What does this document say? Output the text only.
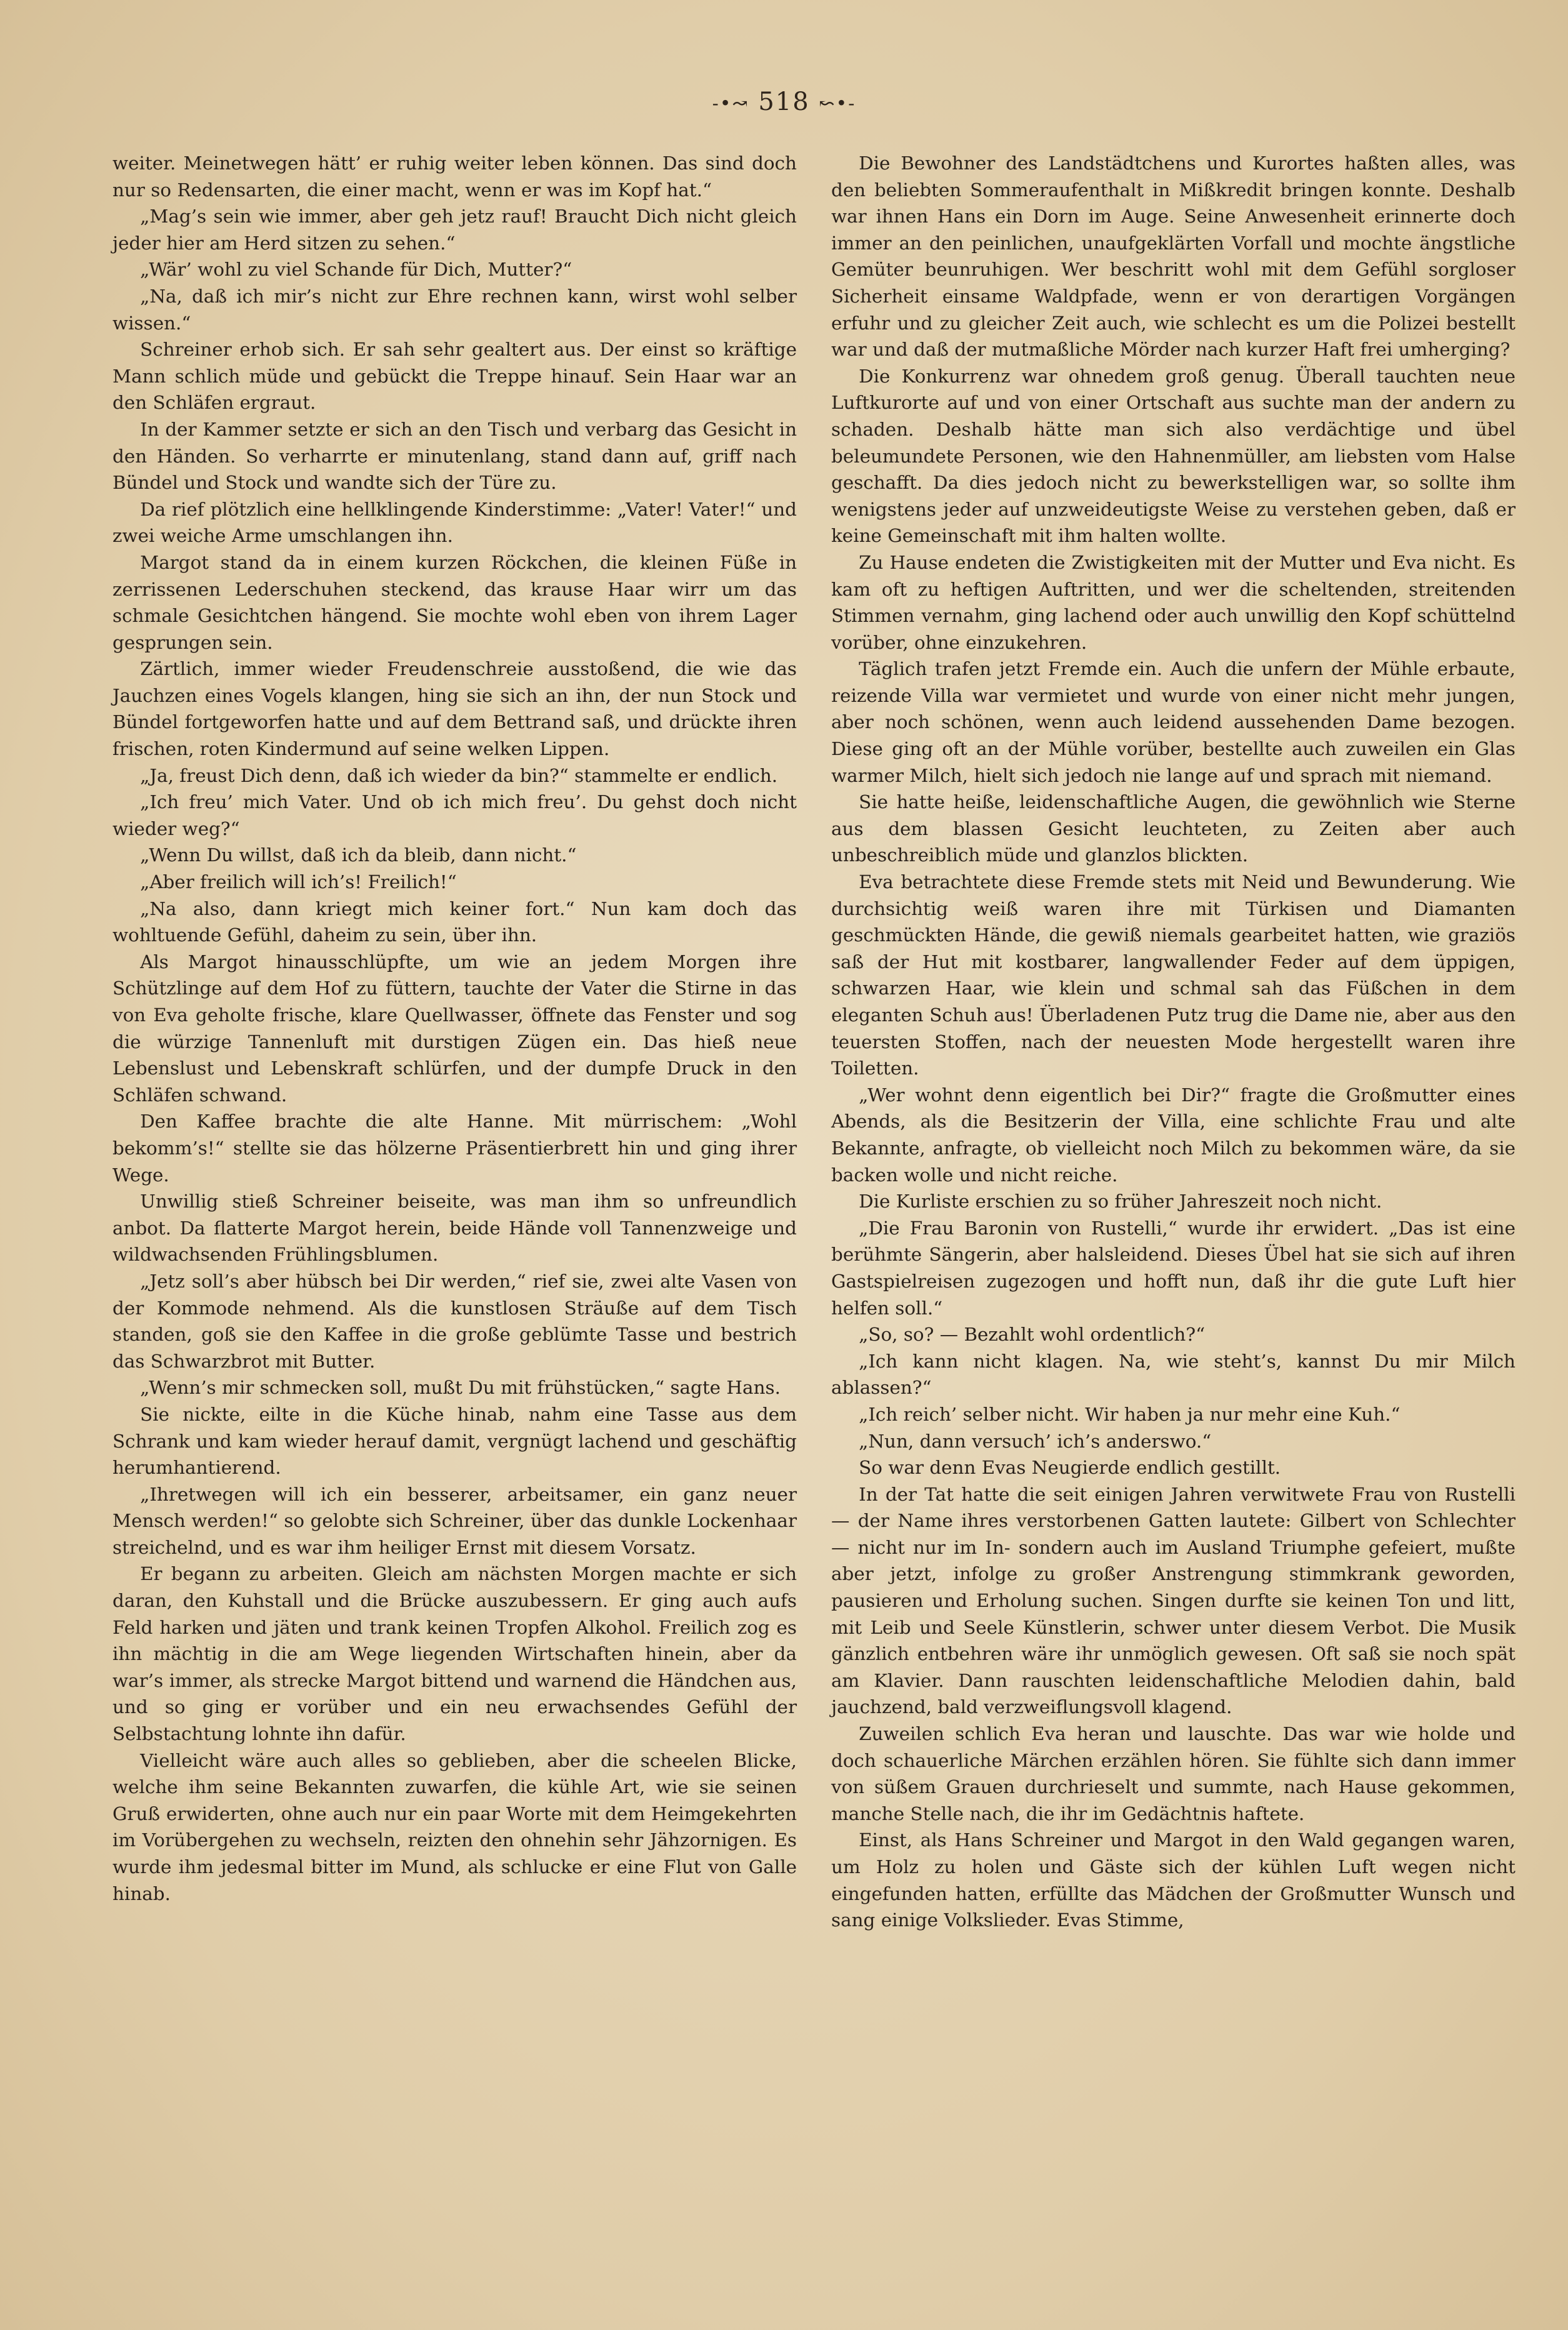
-•↝ 518 ↜•-

weiter. Meinetwegen hätt’ er ruhig weiter leben können. Das sind doch nur so Redensarten, die einer macht, wenn er was im Kopf hat.“

„Mag’s sein wie immer, aber geh jetz rauf! Braucht Dich nicht gleich jeder hier am Herd sitzen zu sehen.“

„Wär’ wohl zu viel Schande für Dich, Mutter?“

„Na, daß ich mir’s nicht zur Ehre rechnen kann, wirst wohl selber wissen.“

Schreiner erhob sich. Er sah sehr gealtert aus. Der einst so kräftige Mann schlich müde und gebückt die Treppe hinauf. Sein Haar war an den Schläfen ergraut.

In der Kammer setzte er sich an den Tisch und verbarg das Gesicht in den Händen. So verharrte er minutenlang, stand dann auf, griff nach Bündel und Stock und wandte sich der Türe zu.

Da rief plötzlich eine hellklingende Kinderstimme: „Vater! Vater!“ und zwei weiche Arme umschlangen ihn.

Margot stand da in einem kurzen Röckchen, die kleinen Füße in zerrissenen Lederschuhen steckend, das krause Haar wirr um das schmale Gesichtchen hängend. Sie mochte wohl eben von ihrem Lager gesprungen sein.

Zärtlich, immer wieder Freudenschreie ausstoßend, die wie das Jauchzen eines Vogels klangen, hing sie sich an ihn, der nun Stock und Bündel fortgeworfen hatte und auf dem Bettrand saß, und drückte ihren frischen, roten Kindermund auf seine welken Lippen.

„Ja, freust Dich denn, daß ich wieder da bin?“ stammelte er endlich.

„Ich freu’ mich Vater. Und ob ich mich freu’. Du gehst doch nicht wieder weg?“

„Wenn Du willst, daß ich da bleib, dann nicht.“

„Aber freilich will ich’s! Freilich!“

„Na also, dann kriegt mich keiner fort.“ Nun kam doch das wohltuende Gefühl, daheim zu sein, über ihn.

Als Margot hinausschlüpfte, um wie an jedem Morgen ihre Schützlinge auf dem Hof zu füttern, tauchte der Vater die Stirne in das von Eva geholte frische, klare Quellwasser, öffnete das Fenster und sog die würzige Tannenluft mit durstigen Zügen ein. Das hieß neue Lebenslust und Lebenskraft schlürfen, und der dumpfe Druck in den Schläfen schwand.

Den Kaffee brachte die alte Hanne. Mit mürrischem: „Wohl bekomm’s!“ stellte sie das hölzerne Präsentierbrett hin und ging ihrer Wege.

Unwillig stieß Schreiner beiseite, was man ihm so unfreundlich anbot. Da flatterte Margot herein, beide Hände voll Tannenzweige und wildwachsenden Frühlingsblumen.

„Jetz soll’s aber hübsch bei Dir werden,“ rief sie, zwei alte Vasen von der Kommode nehmend. Als die kunstlosen Sträuße auf dem Tisch standen, goß sie den Kaffee in die große geblümte Tasse und bestrich das Schwarzbrot mit Butter.

„Wenn’s mir schmecken soll, mußt Du mit frühstücken,“ sagte Hans.

Sie nickte, eilte in die Küche hinab, nahm eine Tasse aus dem Schrank und kam wieder herauf damit, vergnügt lachend und geschäftig herumhantierend.

„Ihretwegen will ich ein besserer, arbeitsamer, ein ganz neuer Mensch werden!“ so gelobte sich Schreiner, über das dunkle Lockenhaar streichelnd, und es war ihm heiliger Ernst mit diesem Vorsatz.

Er begann zu arbeiten. Gleich am nächsten Morgen machte er sich daran, den Kuhstall und die Brücke auszubessern. Er ging auch aufs Feld harken und jäten und trank keinen Tropfen Alkohol. Freilich zog es ihn mächtig in die am Wege liegenden Wirtschaften hinein, aber da war’s immer, als strecke Margot bittend und warnend die Händchen aus, und so ging er vorüber und ein neu erwachsendes Gefühl der Selbstachtung lohnte ihn dafür.

Vielleicht wäre auch alles so geblieben, aber die scheelen Blicke, welche ihm seine Bekannten zuwarfen, die kühle Art, wie sie seinen Gruß erwiderten, ohne auch nur ein paar Worte mit dem Heimgekehrten im Vorübergehen zu wechseln, reizten den ohnehin sehr Jähzornigen. Es wurde ihm jedesmal bitter im Mund, als schlucke er eine Flut von Galle hinab.

Die Bewohner des Landstädtchens und Kurortes haßten alles, was den beliebten Sommeraufenthalt in Mißkredit bringen konnte. Deshalb war ihnen Hans ein Dorn im Auge. Seine Anwesenheit erinnerte doch immer an den peinlichen, unaufgeklärten Vorfall und mochte ängstliche Gemüter beunruhigen. Wer beschritt wohl mit dem Gefühl sorgloser Sicherheit einsame Waldpfade, wenn er von derartigen Vorgängen erfuhr und zu gleicher Zeit auch, wie schlecht es um die Polizei bestellt war und daß der mutmaßliche Mörder nach kurzer Haft frei umherging?

Die Konkurrenz war ohnedem groß genug. Überall tauchten neue Luftkurorte auf und von einer Ortschaft aus suchte man der andern zu schaden. Deshalb hätte man sich also verdächtige und übel beleumundete Personen, wie den Hahnenmüller, am liebsten vom Halse geschafft. Da dies jedoch nicht zu bewerkstelligen war, so sollte ihm wenigstens jeder auf unzweideutigste Weise zu verstehen geben, daß er keine Gemeinschaft mit ihm halten wollte.

Zu Hause endeten die Zwistigkeiten mit der Mutter und Eva nicht. Es kam oft zu heftigen Auftritten, und wer die scheltenden, streitenden Stimmen vernahm, ging lachend oder auch unwillig den Kopf schüttelnd vorüber, ohne einzukehren.

Täglich trafen jetzt Fremde ein. Auch die unfern der Mühle erbaute, reizende Villa war vermietet und wurde von einer nicht mehr jungen, aber noch schönen, wenn auch leidend aussehenden Dame bezogen. Diese ging oft an der Mühle vorüber, bestellte auch zuweilen ein Glas warmer Milch, hielt sich jedoch nie lange auf und sprach mit niemand.

Sie hatte heiße, leidenschaftliche Augen, die gewöhnlich wie Sterne aus dem blassen Gesicht leuchteten, zu Zeiten aber auch unbeschreiblich müde und glanzlos blickten.

Eva betrachtete diese Fremde stets mit Neid und Bewunderung. Wie durchsichtig weiß waren ihre mit Türkisen und Diamanten geschmückten Hände, die gewiß niemals gearbeitet hatten, wie graziös saß der Hut mit kostbarer, langwallender Feder auf dem üppigen, schwarzen Haar, wie klein und schmal sah das Füßchen in dem eleganten Schuh aus! Überladenen Putz trug die Dame nie, aber aus den teuersten Stoffen, nach der neuesten Mode hergestellt waren ihre Toiletten.

„Wer wohnt denn eigentlich bei Dir?“ fragte die Großmutter eines Abends, als die Besitzerin der Villa, eine schlichte Frau und alte Bekannte, anfragte, ob vielleicht noch Milch zu bekommen wäre, da sie backen wolle und nicht reiche.

Die Kurliste erschien zu so früher Jahreszeit noch nicht.

„Die Frau Baronin von Rustelli,“ wurde ihr erwidert. „Das ist eine berühmte Sängerin, aber halsleidend. Dieses Übel hat sie sich auf ihren Gastspielreisen zugezogen und hofft nun, daß ihr die gute Luft hier helfen soll.“

„So, so? — Bezahlt wohl ordentlich?“

„Ich kann nicht klagen. Na, wie steht’s, kannst Du mir Milch ablassen?“

„Ich reich’ selber nicht. Wir haben ja nur mehr eine Kuh.“

„Nun, dann versuch’ ich’s anderswo.“

So war denn Evas Neugierde endlich gestillt.

In der Tat hatte die seit einigen Jahren verwitwete Frau von Rustelli — der Name ihres verstorbenen Gatten lautete: Gilbert von Schlechter — nicht nur im In- sondern auch im Ausland Triumphe gefeiert, mußte aber jetzt, infolge zu großer Anstrengung stimmkrank geworden, pausieren und Erholung suchen. Singen durfte sie keinen Ton und litt, mit Leib und Seele Künstlerin, schwer unter diesem Verbot. Die Musik gänzlich entbehren wäre ihr unmöglich gewesen. Oft saß sie noch spät am Klavier. Dann rauschten leidenschaftliche Melodien dahin, bald jauchzend, bald verzweiflungsvoll klagend.

Zuweilen schlich Eva heran und lauschte. Das war wie holde und doch schauerliche Märchen erzählen hören. Sie fühlte sich dann immer von süßem Grauen durchrieselt und summte, nach Hause gekommen, manche Stelle nach, die ihr im Gedächtnis haftete.

Einst, als Hans Schreiner und Margot in den Wald gegangen waren, um Holz zu holen und Gäste sich der kühlen Luft wegen nicht eingefunden hatten, erfüllte das Mädchen der Großmutter Wunsch und sang einige Volkslieder. Evas Stimme,
